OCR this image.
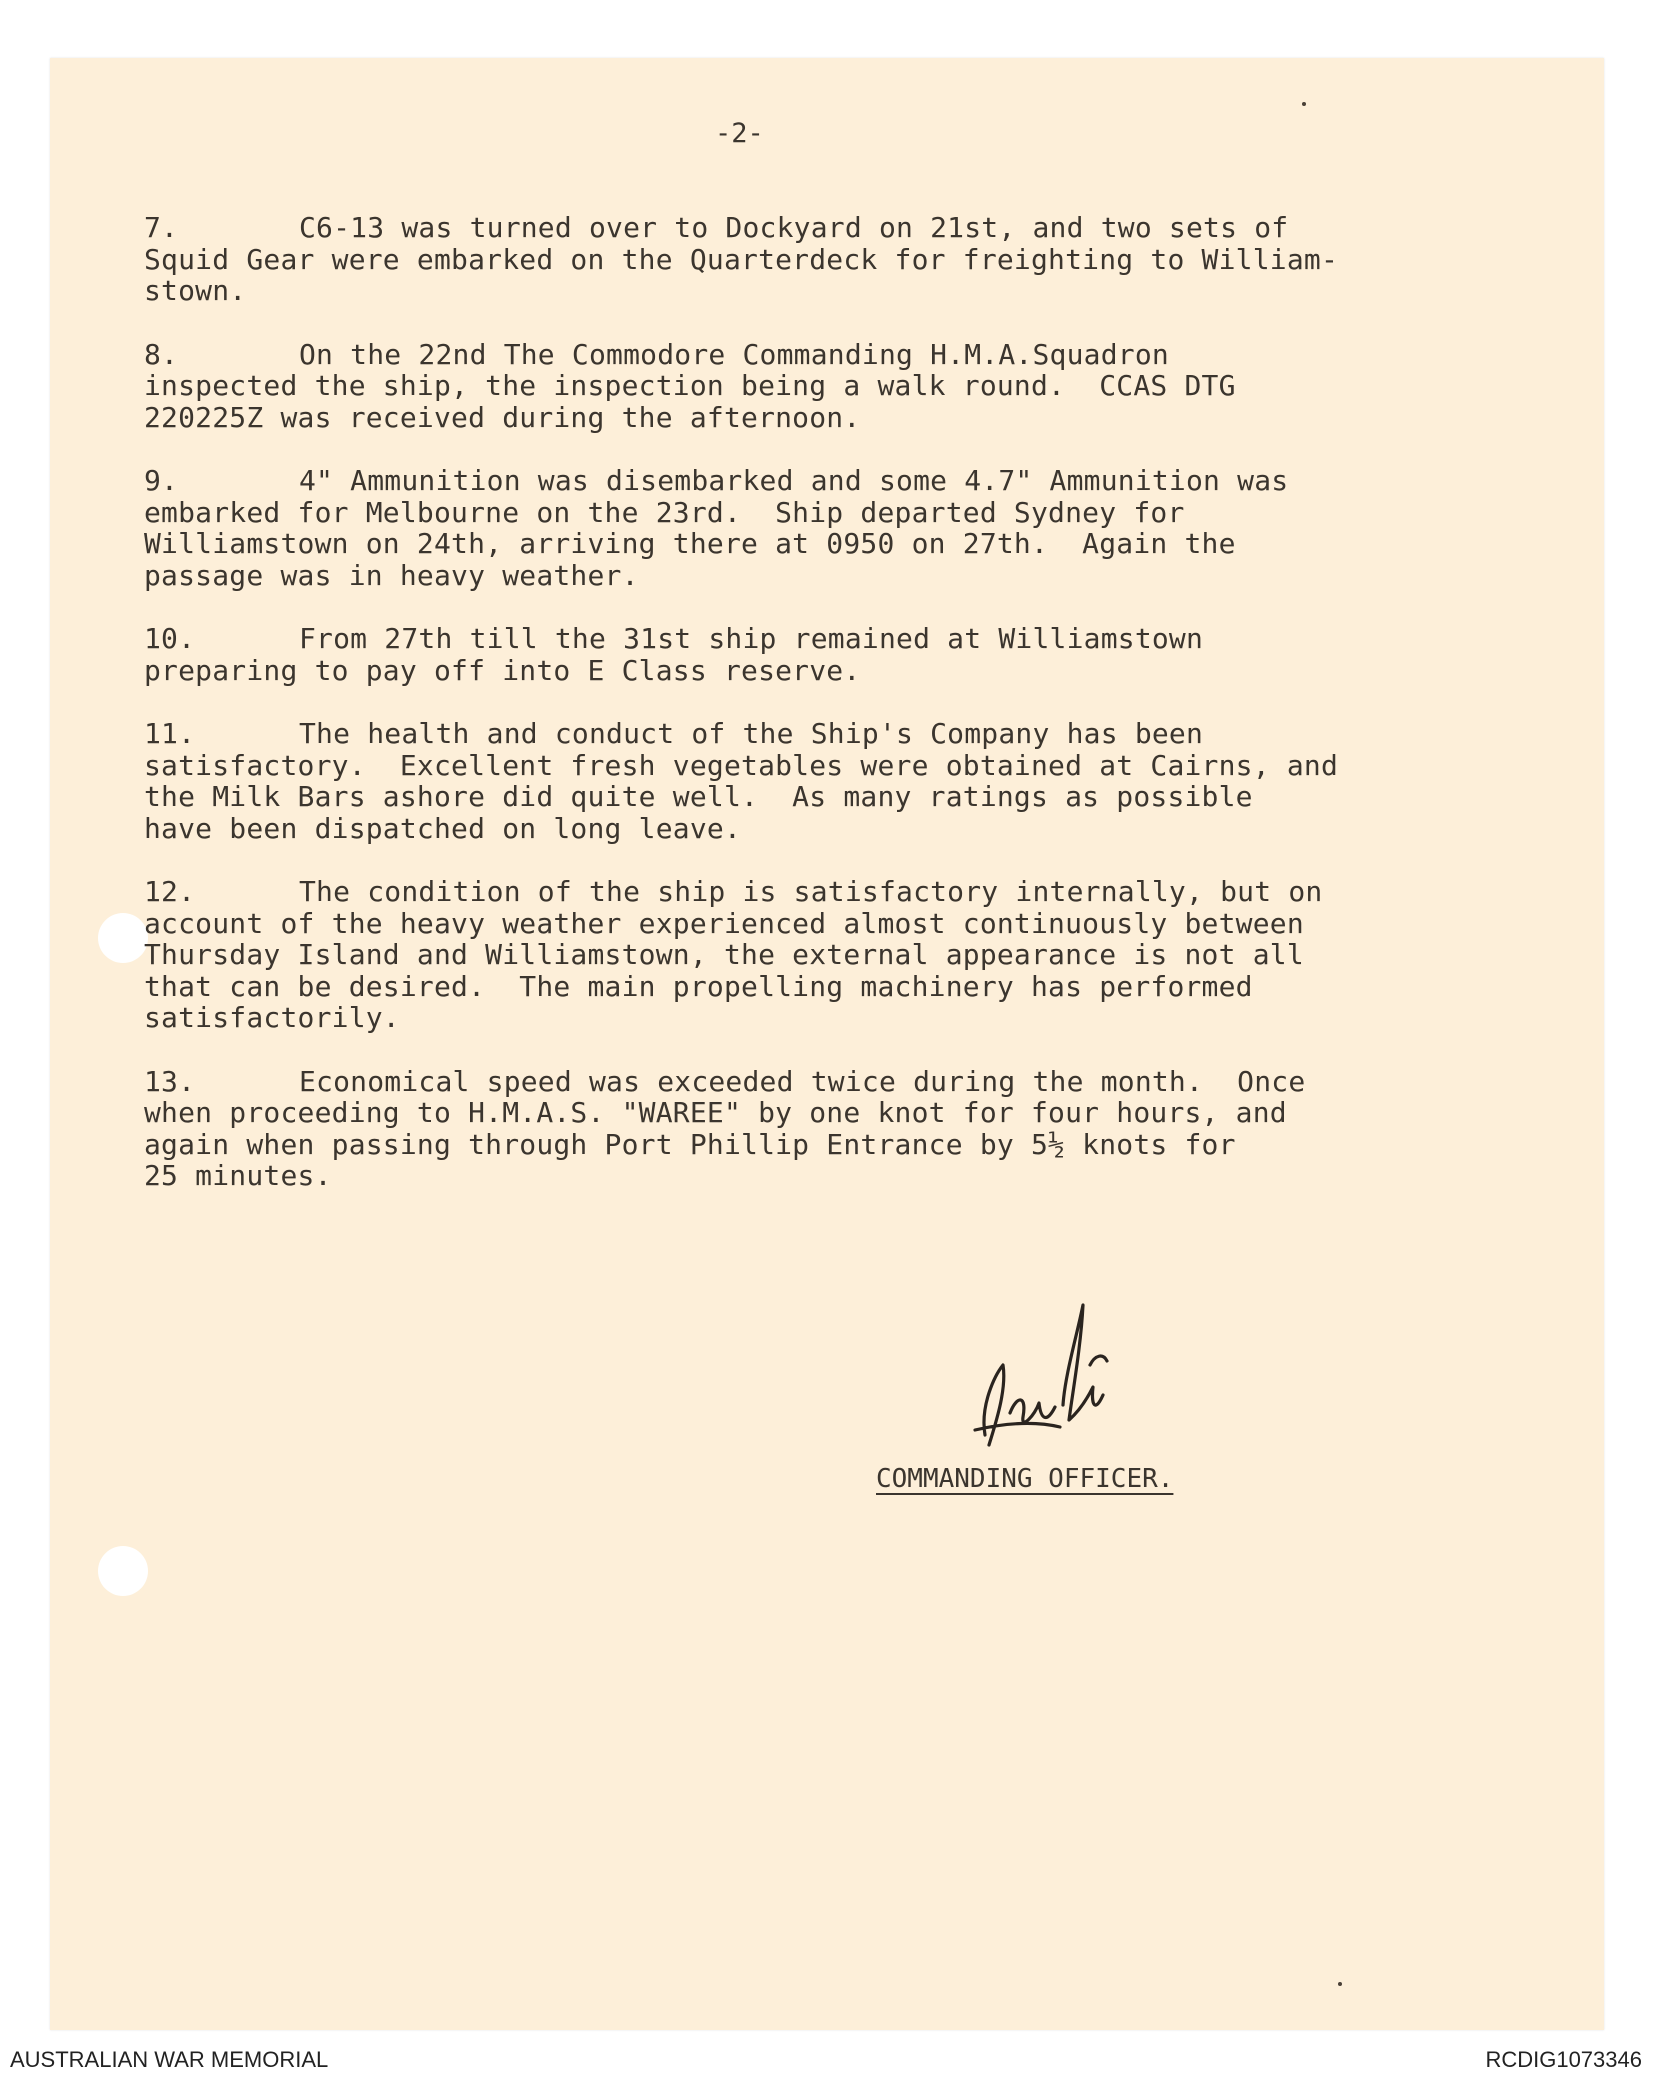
-2-

7.	C6-13 was turned over to Dockyard on 21st, and two sets of
Squid Gear were embarked on the Quarterdeck for freighting to William-
stown.

8.	On the 22nd The Commodore Commanding H.M.A.Squadron
inspected the ship, the inspection being a walk round.  CCAS DTG
220225Z was received during the afternoon.

9.	4" Ammunition was disembarked and some 4.7" Ammunition was
embarked for Melbourne on the 23rd.  Ship departed Sydney for
Williamstown on 24th, arriving there at 0950 on 27th.  Again the
passage was in heavy weather.

10.	From 27th till the 31st ship remained at Williamstown
preparing to pay off into E Class reserve.

11.	The health and conduct of the Ship's Company has been
satisfactory.  Excellent fresh vegetables were obtained at Cairns, and
the Milk Bars ashore did quite well.  As many ratings as possible
have been dispatched on long leave.

12.	The condition of the ship is satisfactory internally, but on
account of the heavy weather experienced almost continuously between
Thursday Island and Williamstown, the external appearance is not all
that can be desired.  The main propelling machinery has performed
satisfactorily.

13.	Economical speed was exceeded twice during the month.  Once
when proceeding to H.M.A.S. "WAREE" by one knot for four hours, and
again when passing through Port Phillip Entrance by 5½ knots for
25 minutes.

COMMANDING OFFICER.
AUSTRALIAN WAR MEMORIAL	RCDIG1073346
